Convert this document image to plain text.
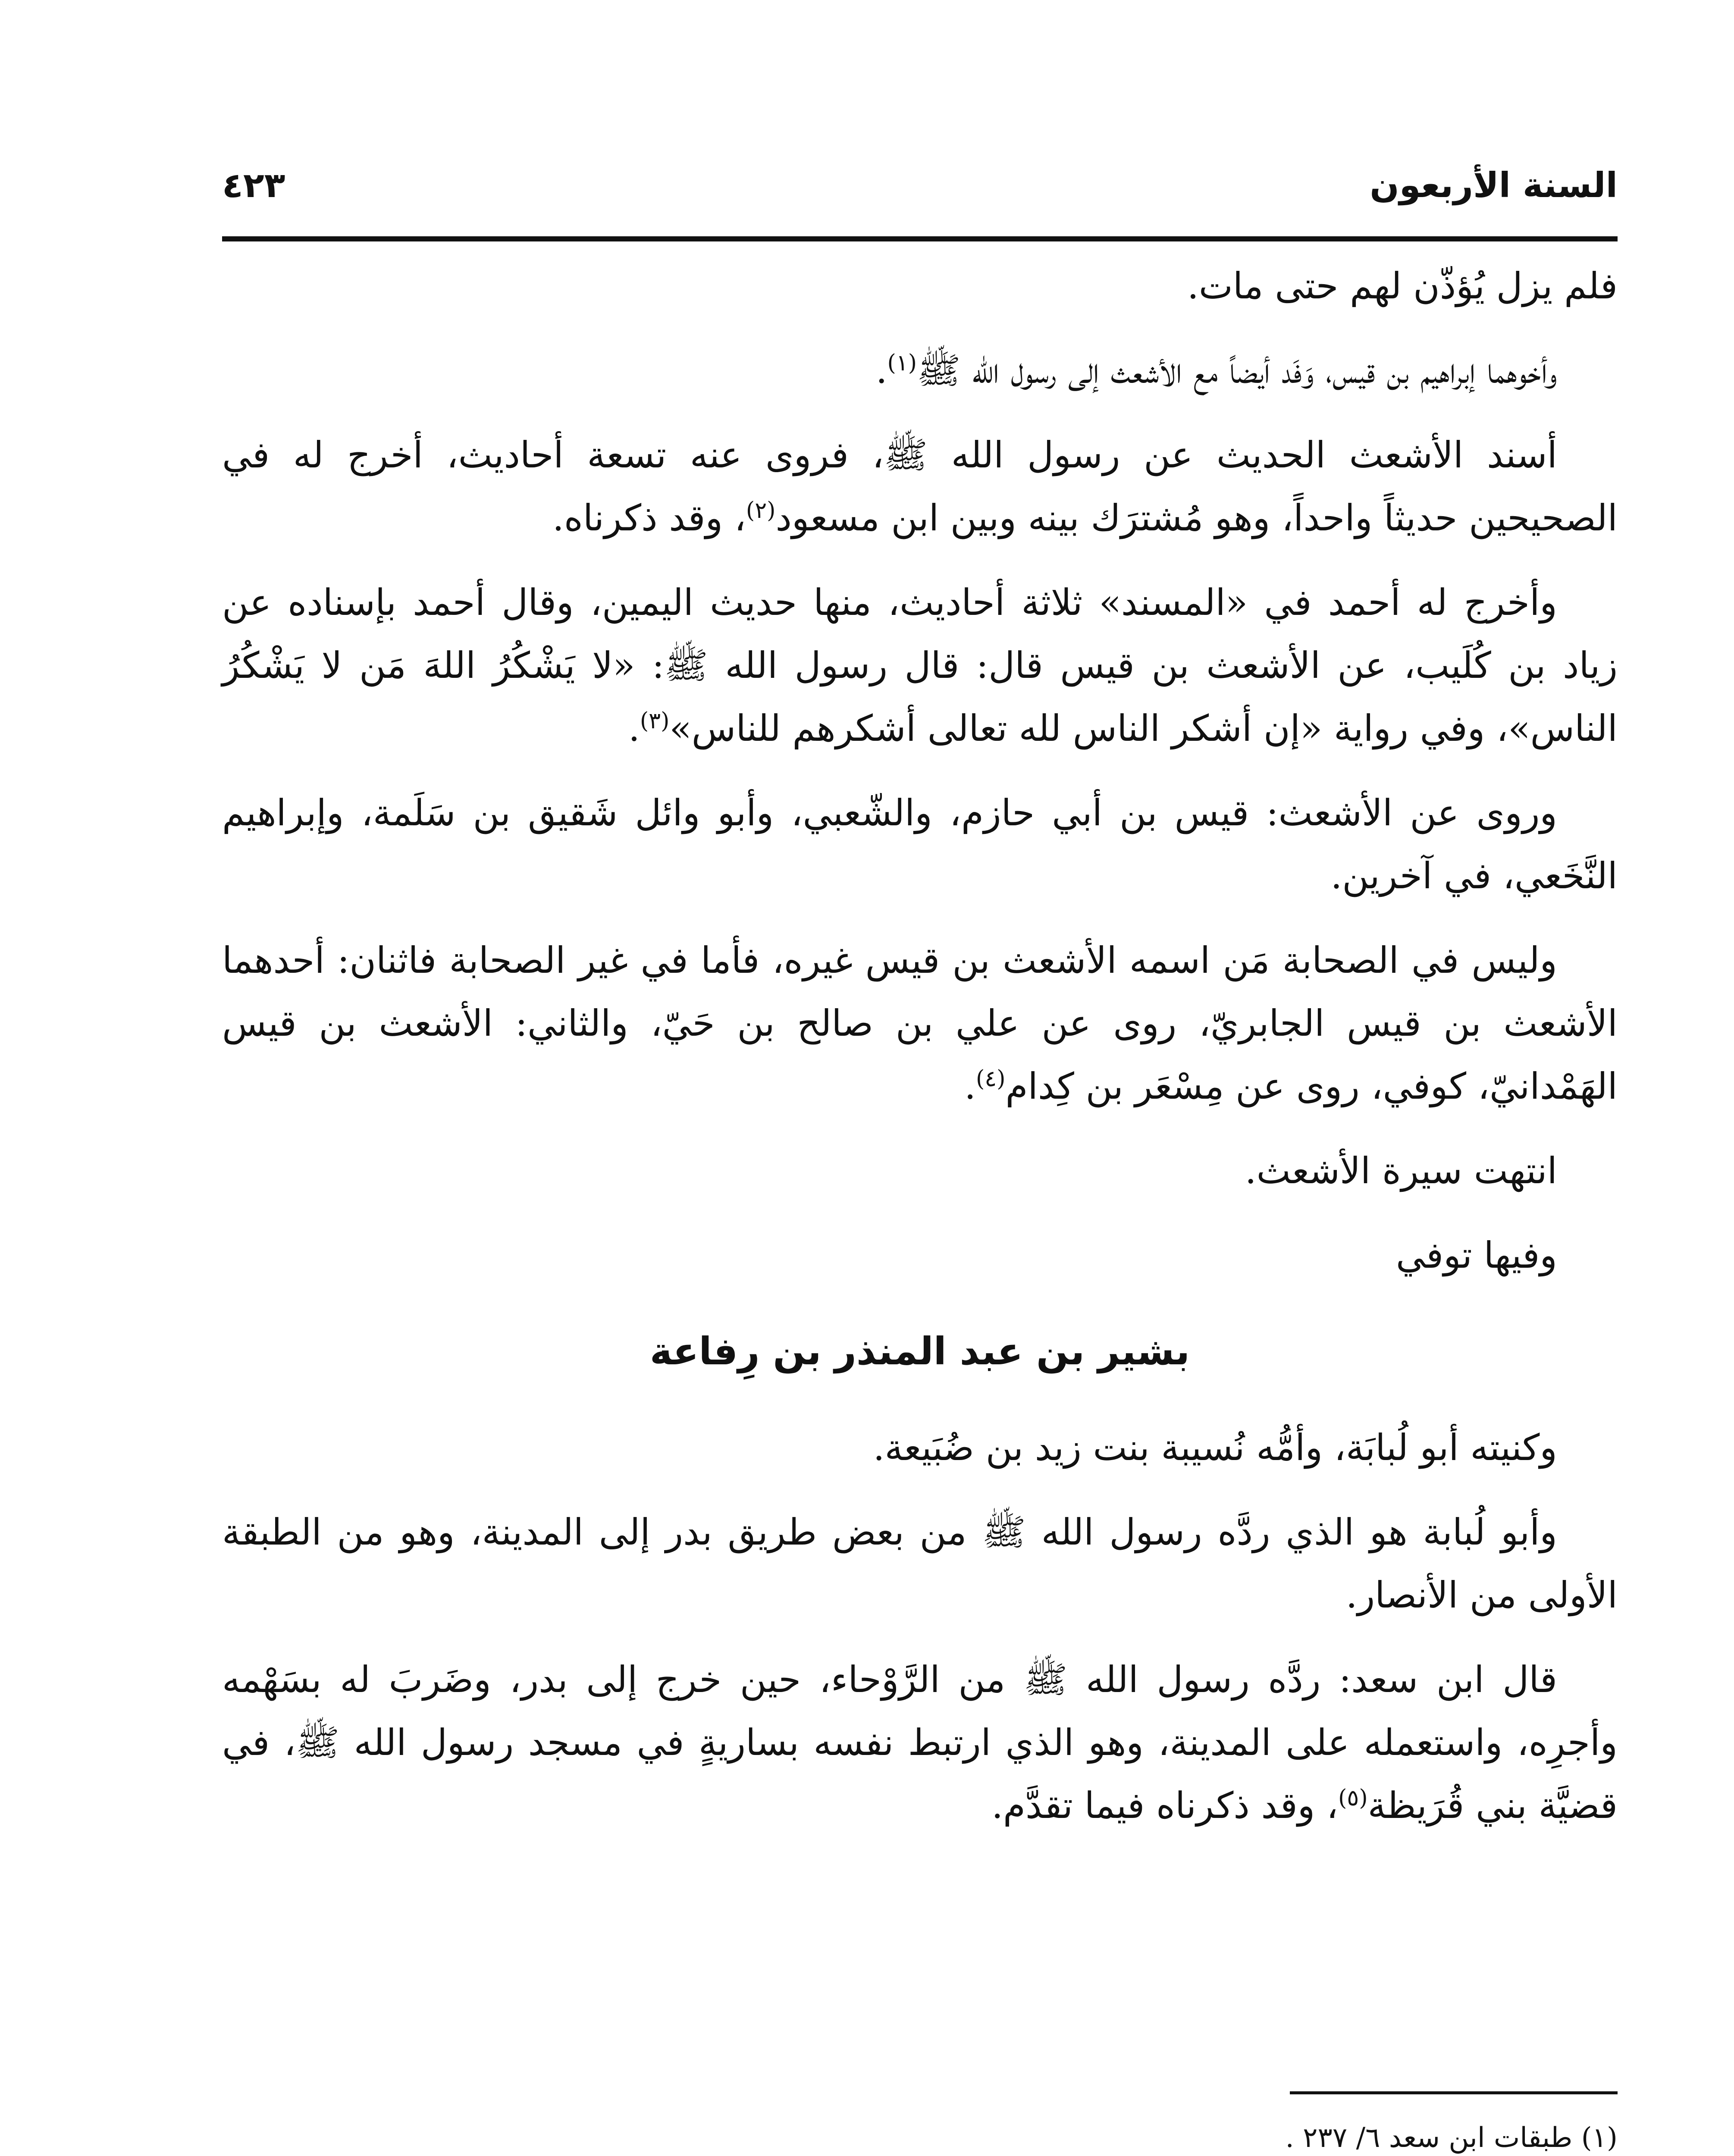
السنة الأربعون
٤٢٣

فلم يزل يُؤذّن لهم حتى مات.

وأخوهما إبراهيم بن قيس، وَفَد أيضاً مع الأشعث إلى رسول الله ﷺ$^{(١)}$.

أسند الأشعث الحديث عن رسول الله ﷺ، فروى عنه تسعة أحاديث، أخرج له في الصحيحين حديثاً واحداً، وهو مُشترَك بينه وبين ابن مسعود$^{(٢)}$، وقد ذكرناه.

وأخرج له أحمد في «المسند» ثلاثة أحاديث، منها حديث اليمين، وقال أحمد بإسناده عن زياد بن كُلَيب، عن الأشعث بن قيس قال: قال رسول الله ﷺ: «لا يَشْكُرُ اللهَ مَن لا يَشْكُرُ الناس»، وفي رواية «إن أشكر الناس لله تعالى أشكرهم للناس»$^{(٣)}$.

وروى عن الأشعث: قيس بن أبي حازم، والشّعبي، وأبو وائل شَقيق بن سَلَمة، وإبراهيم النَّخَعي، في آخرين.

وليس في الصحابة مَن اسمه الأشعث بن قيس غيره، فأما في غير الصحابة فاثنان: أحدهما الأشعث بن قيس الجابريّ، روى عن علي بن صالح بن حَيّ، والثاني: الأشعث بن قيس الهَمْدانيّ، كوفي، روى عن مِسْعَر بن كِدام$^{(٤)}$.

انتهت سيرة الأشعث.

وفيها توفي

بشير بن عبد المنذر بن رِفاعة

وكنيته أبو لُبابَة، وأمُّه نُسيبة بنت زيد بن ضُبَيعة.

وأبو لُبابة هو الذي ردَّه رسول الله ﷺ من بعض طريق بدر إلى المدينة، وهو من الطبقة الأولى من الأنصار.

قال ابن سعد: ردَّه رسول الله ﷺ من الرَّوْحاء، حين خرج إلى بدر، وضَربَ له بسَهْمه وأجرِه، واستعمله على المدينة، وهو الذي ارتبط نفسه بساريةٍ في مسجد رسول الله ﷺ، في قضيَّة بني قُرَيظة$^{(٥)}$، وقد ذكرناه فيما تقدَّم.

(١) طبقات ابن سعد ٦/ ٢٣٧ .
